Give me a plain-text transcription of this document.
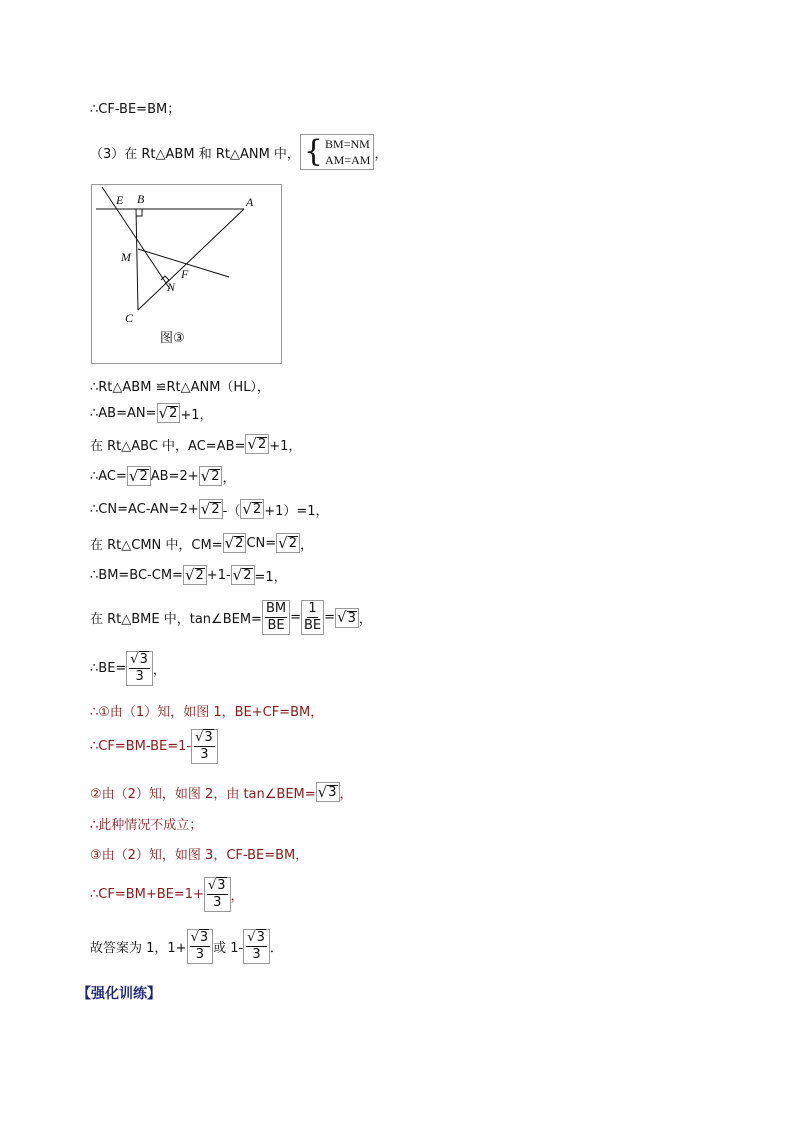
∴CF-BE=BM；
（3）在 Rt△ABM 和 Rt△ANM 中， { BM=NM
AM=AM ，
E B	A
M
F
N
C
图③
∴Rt△ABM ≌Rt△ANM（HL），
∴AB=AN= √ 2 +1，
在 Rt△ABC 中，AC=AB= √ 2 +1，
∴AC= √ 2 AB=2+ √ 2 ，
∴CN=AC-AN=2+ √ 2 -（ √ 2 +1）=1，
在 Rt△CMN 中，CM= √ 2 CN= √ 2 ，
∴BM=BC-CM= √ 2 +1- √ 2 =1，
在 Rt△BME 中，tan∠BEM= $\frac{BM}{BE} = \frac{1}{BE}$ = √ 3 ，
∴BE= $\frac{√3}{3}$ ，
∴①由（1）知，如图 1，BE+CF=BM，
∴CF=BM-BE $=1- \frac{√3}{3}$
②由（2）知，如图 2，由 tan∠BEM= √ 3 ，
∴此种情况不成立；
③由（2）知，如图 3，CF-BE=BM，
∴CF=BM+BE=1+ $\frac{√3}{3}$ ，
故答案为 1，$1+ \frac{√3}{3}$ 或 $1- \frac{√3}{3}$ ．
【强化训练】
